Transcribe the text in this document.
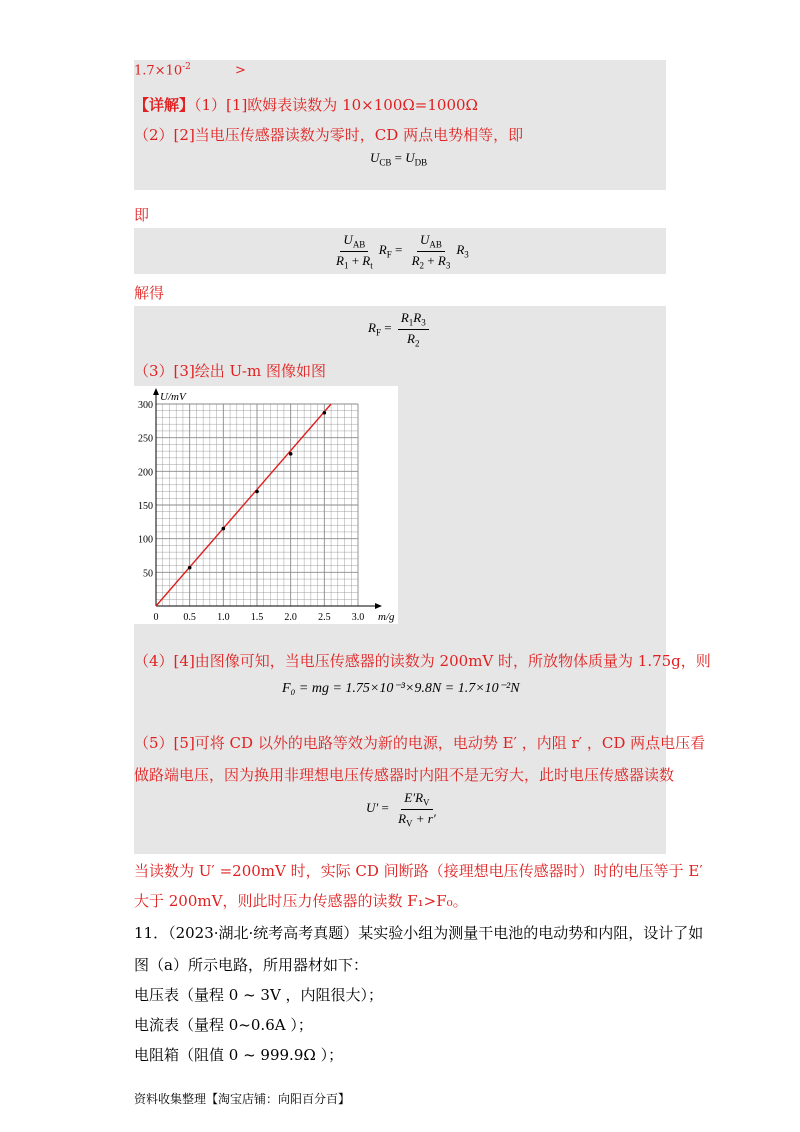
$1.7\times 10^{-2}$	>
【详解】（1）[1]欧姆表读数为 10×100Ω=1000Ω
（2）[2]当电压传感器读数为零时，CD 两点电势相等，即
$U_{CB} = U_{DB}$
即
$\frac{U_{AB}}{R_1 + R_t} R_F = \frac{U_{AB}}{R_2 + R_3} R_3$
解得
$R_F = \frac{R_1R_3}{R_2}$
（3）[3]绘出 U-m 图像如图
U/mV
m/g
0 0.5 1.0 1.5 2.0 2.5 3.0
50
100
150
200
250
300
（4）[4]由图像可知，当电压传感器的读数为 200mV 时，所放物体质量为 1.75g，则
F₀ = mg = 1.75×10⁻³×9.8N = 1.7×10⁻²N
（5）[5]可将 CD 以外的电路等效为新的电源，电动势 E′ ，内阻 r′ ，CD 两点电压看
做路端电压，因为换用非理想电压传感器时内阻不是无穷大，此时电压传感器读数
$U' = \frac{E'R_V}{R_V + r'}$
当读数为 U′ =200mV 时，实际 CD 间断路（接理想电压传感器时）时的电压等于 E′
大于 200mV，则此时压力传感器的读数 F₁>F₀。
11．（2023·湖北·统考高考真题）某实验小组为测量干电池的电动势和内阻，设计了如
图（a）所示电路，所用器材如下：
电压表（量程 0 ~ 3V ，内阻很大）；
电流表（量程 0~0.6A ）；
电阻箱（阻值 0 ~ 999.9Ω ）；
资料收集整理【淘宝店铺：向阳百分百】
